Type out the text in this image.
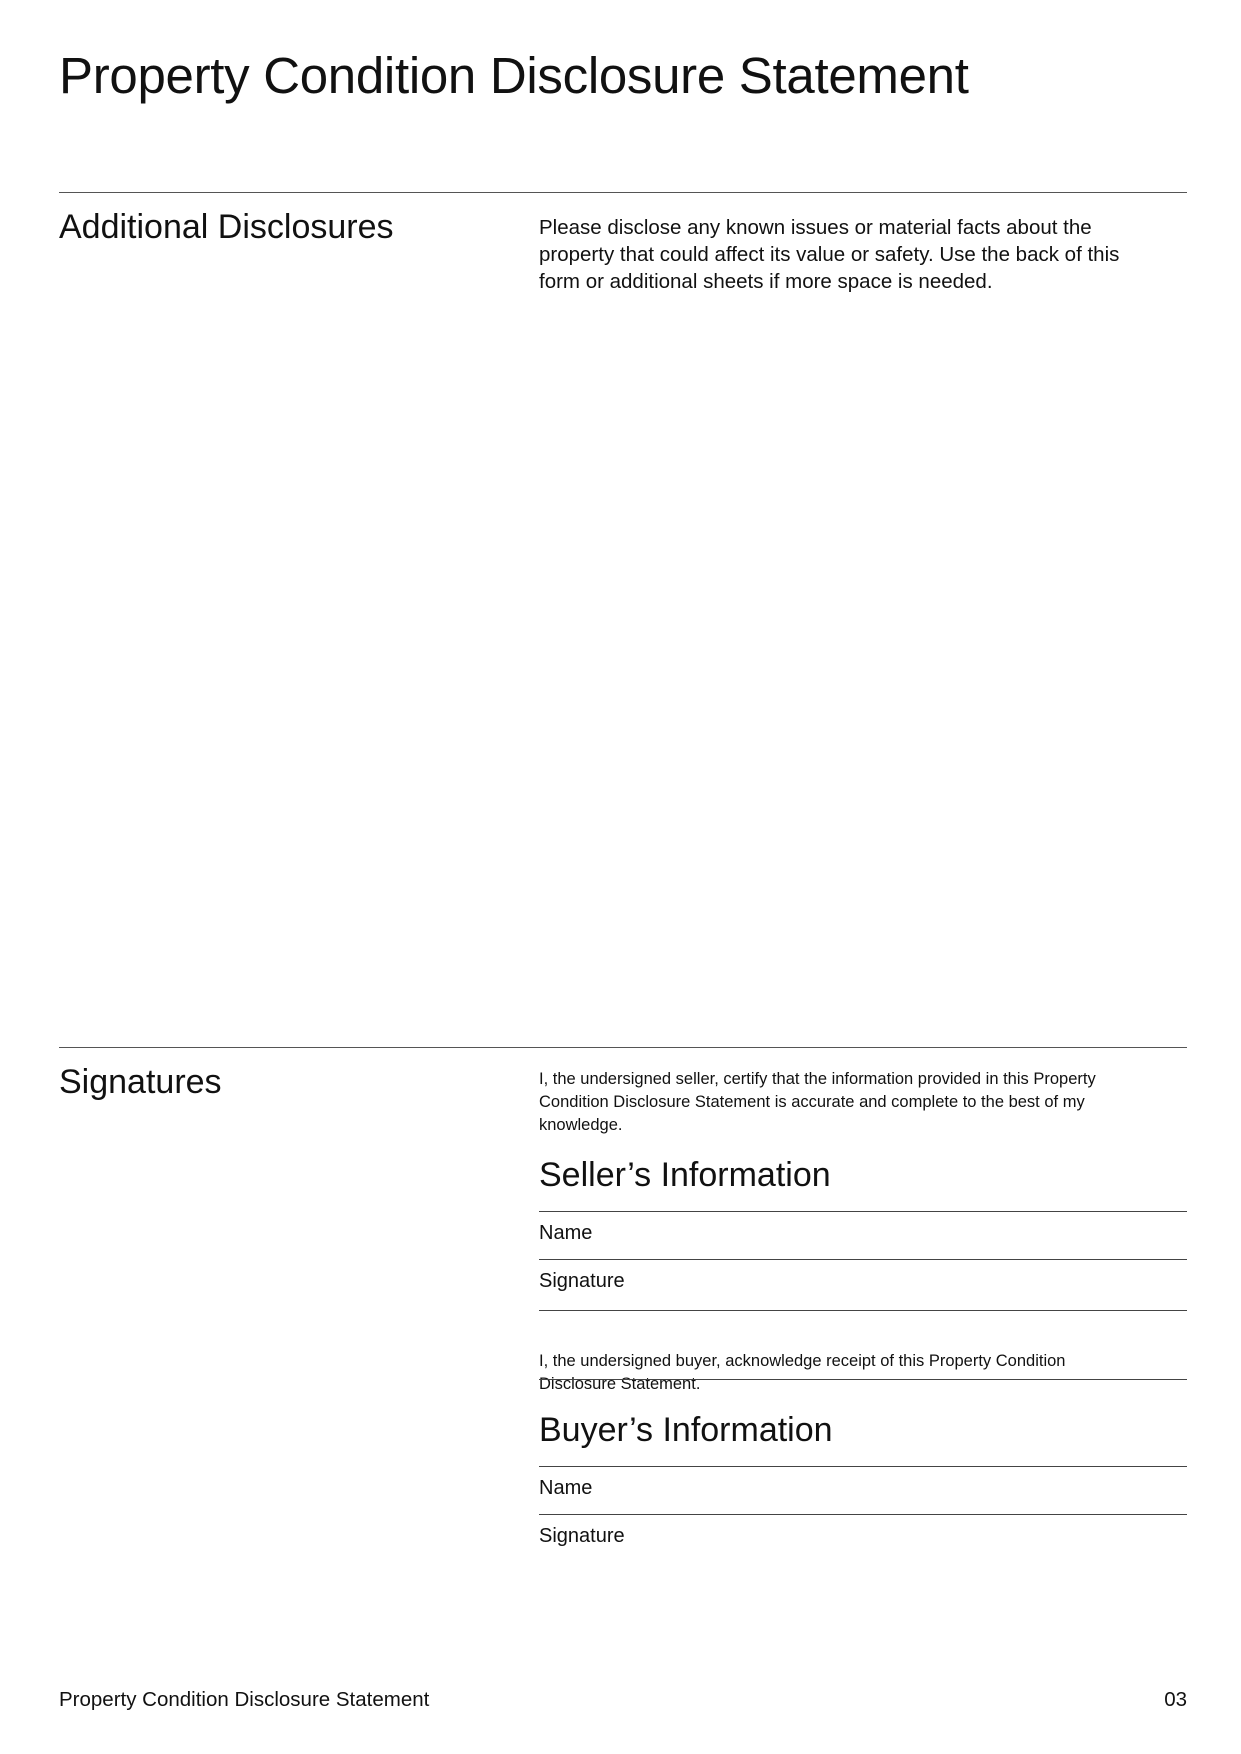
Property Condition Disclosure Statement
Additional Disclosures	Please disclose any known issues or material facts about the property that could affect its value or safety. Use the back of this form or additional sheets if more space is needed.

Signatures	I, the undersigned seller, certify that the information provided in this Property Condition Disclosure Statement is accurate and complete to the best of my knowledge.

Seller’s Information
Name
Signature

I, the undersigned buyer, acknowledge receipt of this Property Condition Disclosure Statement.

Buyer’s Information
Name
Signature
Property Condition Disclosure Statement	03
